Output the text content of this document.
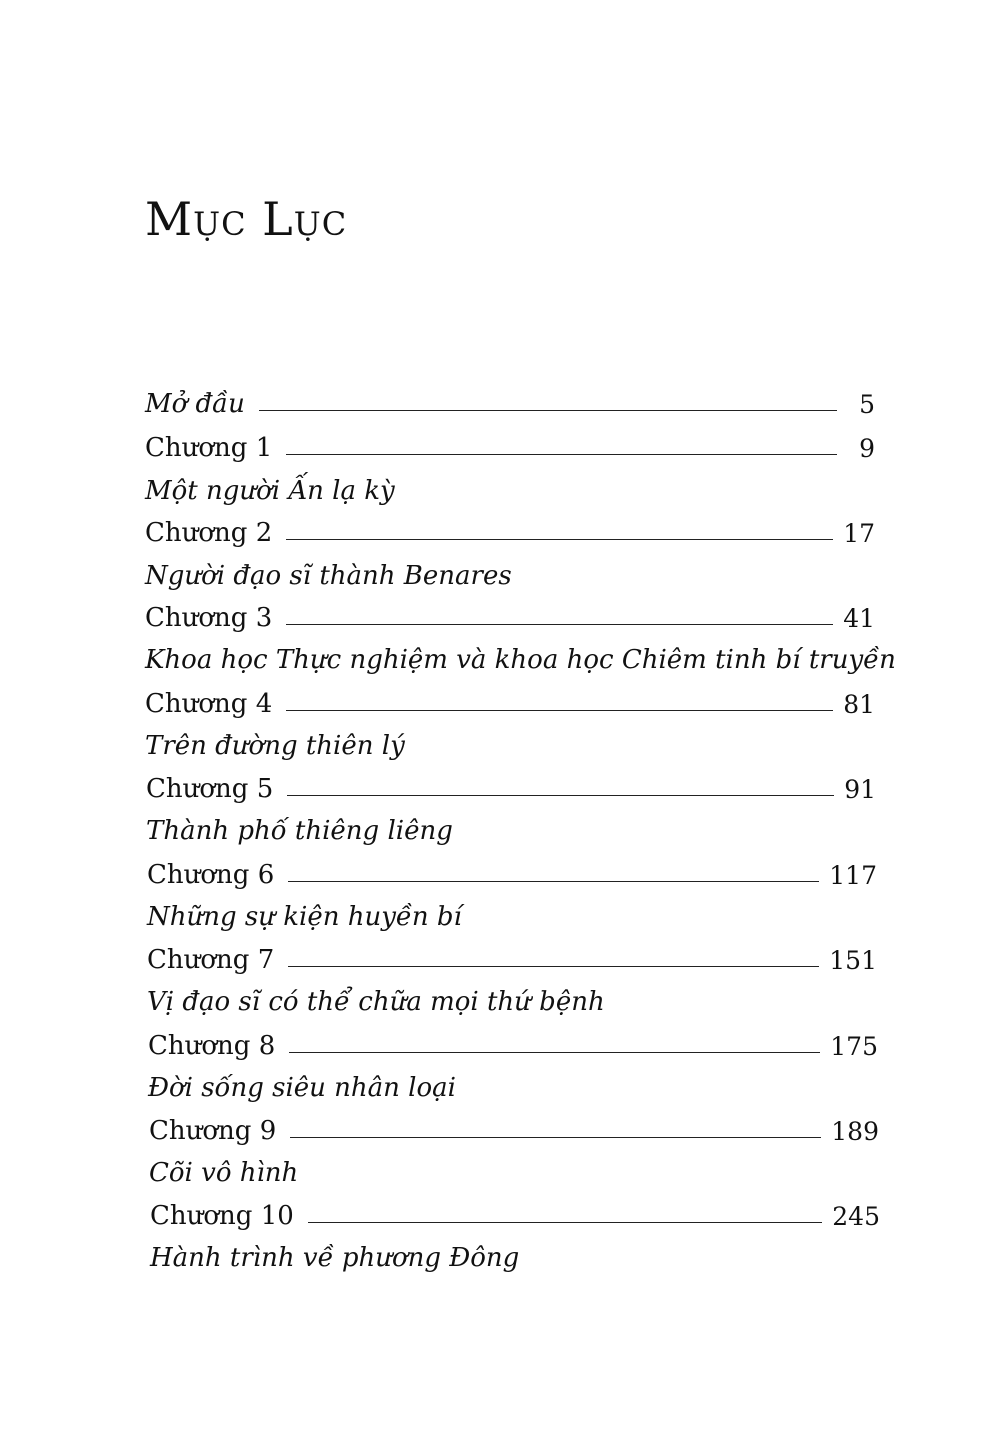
Mục Lục
Mở đầu	5
Chương 1	9
Một người Ấn lạ kỳ
Chương 2	17
Người đạo sĩ thành Benares
Chương 3	41
Khoa học Thực nghiệm và khoa học Chiêm tinh bí truyền
Chương 4	81
Trên đường thiên lý
Chương 5	91
Thành phố thiêng liêng
Chương 6	117
Những sự kiện huyền bí
Chương 7	151
Vị đạo sĩ có thể chữa mọi thứ bệnh
Chương 8	175
Đời sống siêu nhân loại
Chương 9	189
Cõi vô hình
Chương 10	245
Hành trình về phương Đông
